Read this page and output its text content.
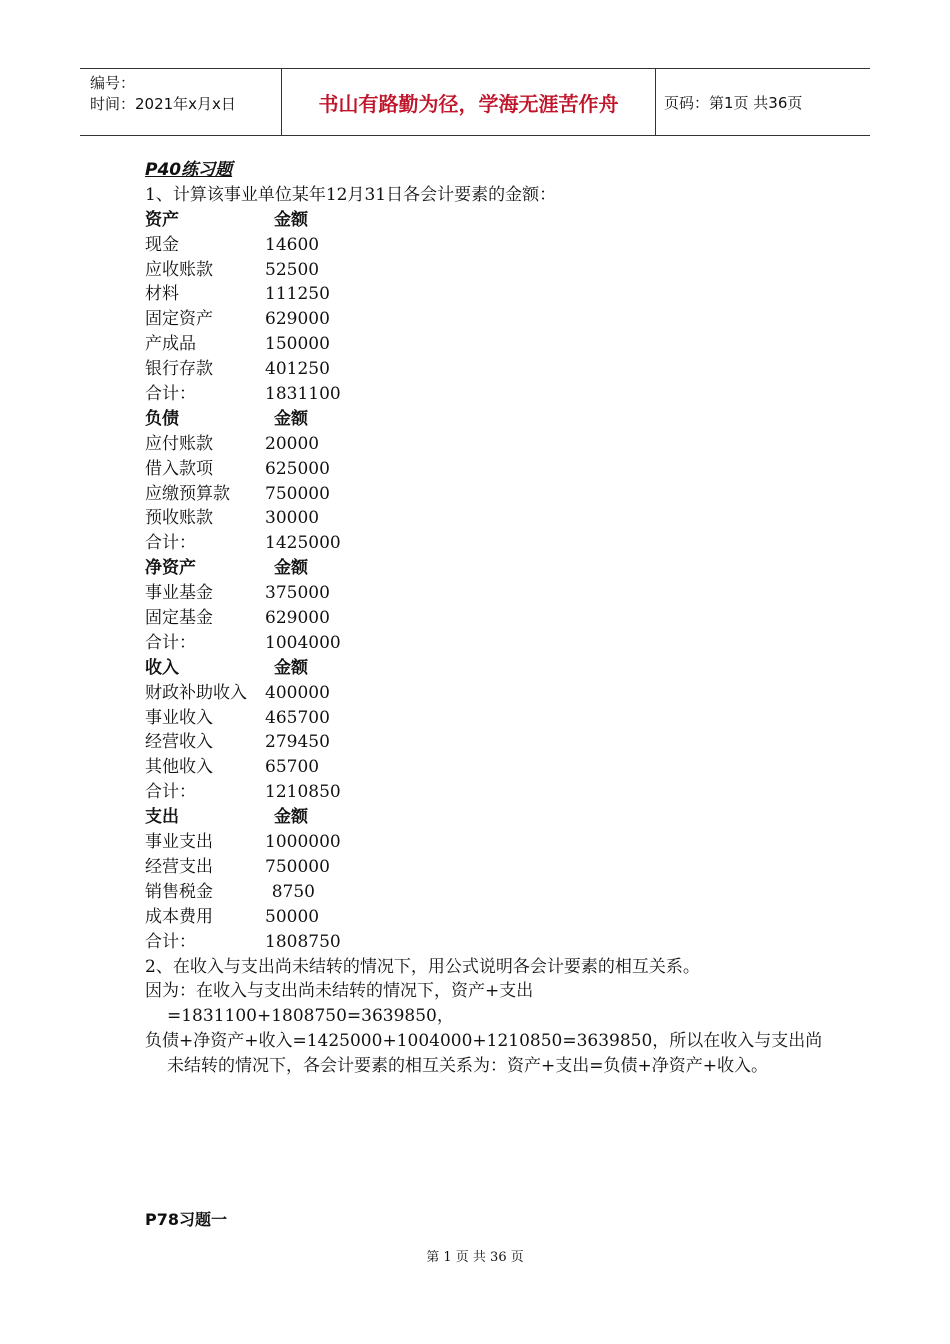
编号：
时间：2021年x月x日	书山有路勤为径，学海无涯苦作舟	页码：第1页 共36页
P40练习题
1、计算该事业单位某年12月31日各会计要素的金额：
资产	金额
现金	14600
应收账款	52500
材料	111250
固定资产	629000
产成品	150000
银行存款	401250
合计：	1831100
负债	金额
应付账款	20000
借入款项	625000
应缴预算款	750000
预收账款	30000
合计：	1425000
净资产	金额
事业基金	375000
固定基金	629000
合计：	1004000
收入	金额
财政补助收入	400000
事业收入	465700
经营收入	279450
其他收入	65700
合计：	1210850
支出	金额
事业支出	1000000
经营支出	750000
销售税金	8750
成本费用	50000
合计：	1808750
2、在收入与支出尚未结转的情况下，用公式说明各会计要素的相互关系。
因为：在收入与支出尚未结转的情况下，资产+支出
=1831100+1808750=3639850，
负债+净资产+收入=1425000+1004000+1210850=3639850，所以在收入与支出尚
未结转的情况下，各会计要素的相互关系为：资产+支出=负债+净资产+收入。
P78习题一
第 1 页 共 36 页
